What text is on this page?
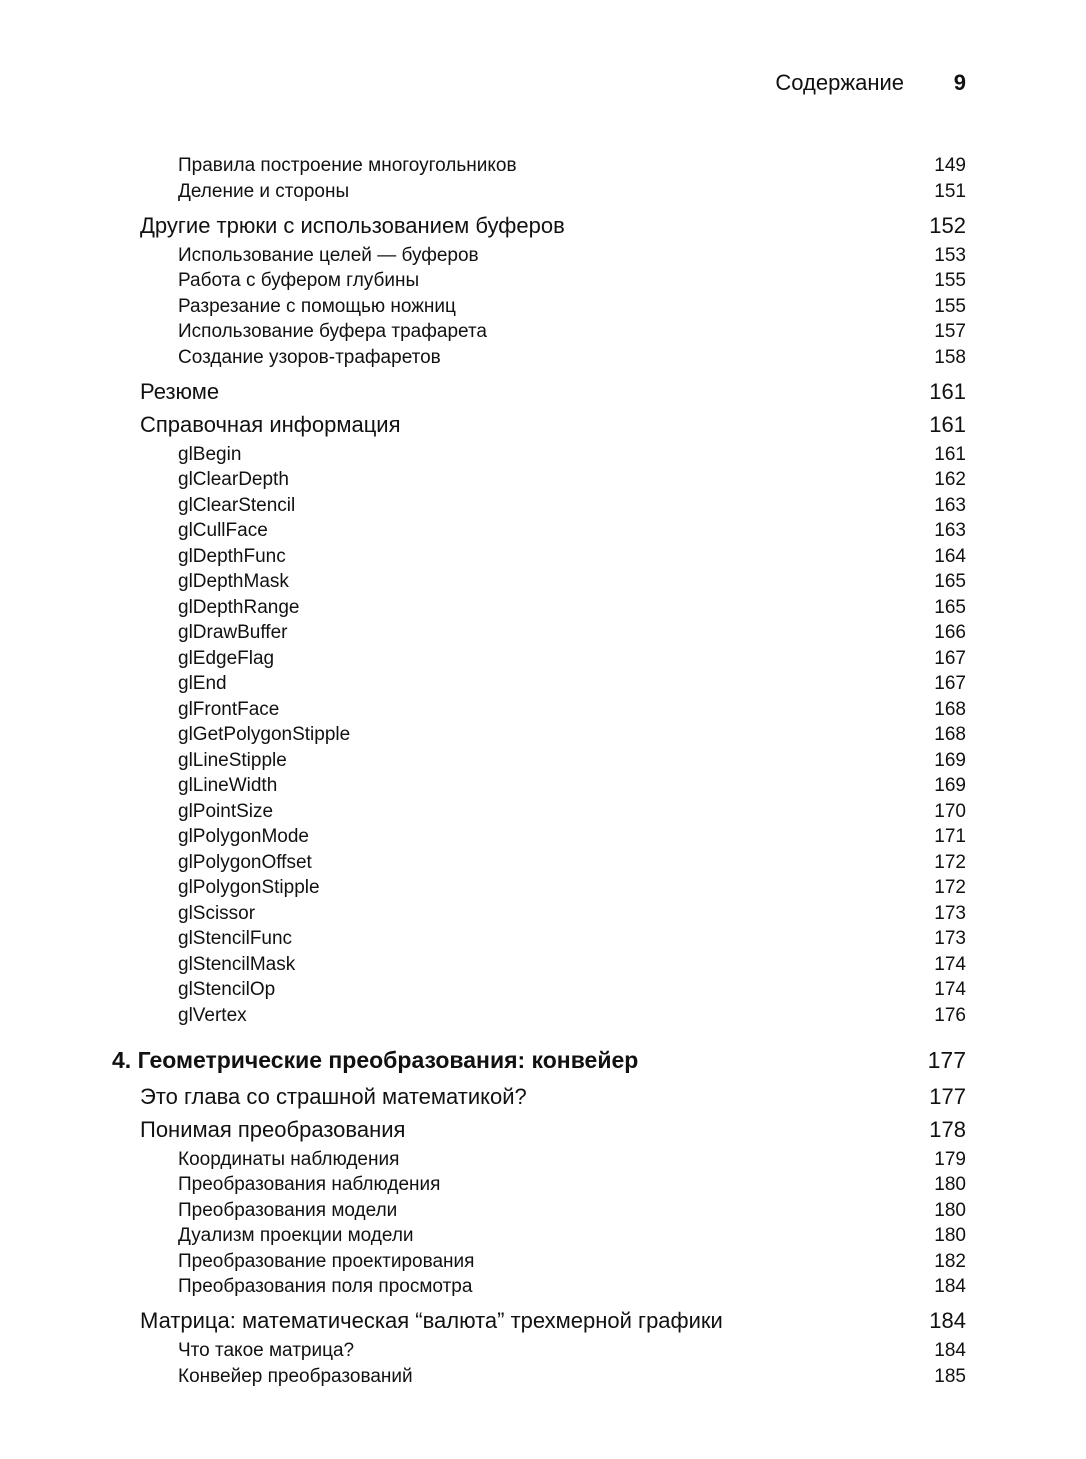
Содержание 9
Правила построение многоугольников	149
Деление и стороны	151
Другие трюки с использованием буферов	152
Использование целей — буферов	153
Работа с буфером глубины	155
Разрезание с помощью ножниц	155
Использование буфера трафарета	157
Создание узоров-трафаретов	158
Резюме	161
Справочная информация	161
glBegin	161
glClearDepth	162
glClearStencil	163
glCullFace	163
glDepthFunc	164
glDepthMask	165
glDepthRange	165
glDrawBuffer	166
glEdgeFlag	167
glEnd	167
glFrontFace	168
glGetPolygonStipple	168
glLineStipple	169
glLineWidth	169
glPointSize	170
glPolygonMode	171
glPolygonOffset	172
glPolygonStipple	172
glScissor	173
glStencilFunc	173
glStencilMask	174
glStencilOp	174
glVertex	176
4. Геометрические преобразования: конвейер	177
Это глава со страшной математикой?	177
Понимая преобразования	178
Координаты наблюдения	179
Преобразования наблюдения	180
Преобразования модели	180
Дуализм проекции модели	180
Преобразование проектирования	182
Преобразования поля просмотра	184
Матрица: математическая “валюта” трехмерной графики	184
Что такое матрица?	184
Конвейер преобразований	185
